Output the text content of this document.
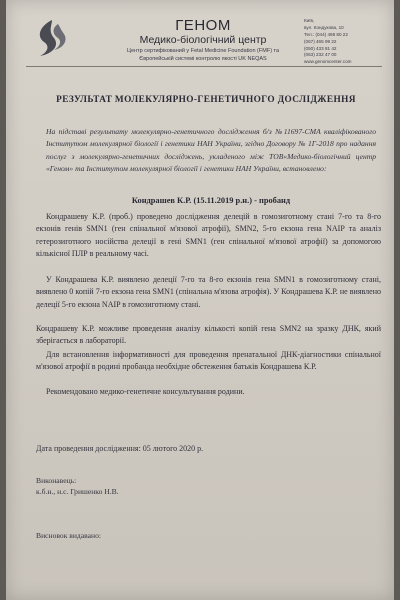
ГЕНОМ
Медико-біологічний центр
Центр сертифікований у Fetal Medicine Foundation (FMF) та
Європейській системі контролю якості UK NEQAS
Київ,
вул. Кондукова, 10
Тел.: (044) 498 80 22
(067) 465 99 22
(050) 433 81 42
(063) 232 47 00
www.genomcenter.com
РЕЗУЛЬТАТ МОЛЕКУЛЯРНО-ГЕНЕТИЧНОГО ДОСЛІДЖЕННЯ
На підставі результату молекулярно-генетичного дослідження б/з №11697-СМА кваліфікованого Інститутом молекулярної біології і генетики НАН України, згідно Договору № 1Г-2018 про надання послуг з молекулярно-генетичних досліджень, укладеного між ТОВ«Медико-біологічний центр «Геном» та Інститутом молекулярної біології і генетики НАН України, встановлено:
Кондрашев К.Р. (15.11.2019 р.н.) - пробанд
Кондрашеву К.Р. (проб.) проведено дослідження делецій в гомозиготному стані 7-го та 8-го екзонів генів SMN1 (ген спінальної м'язової атрофії), SMN2, 5-го екзона гена NAIP та аналіз гетерозиготного носійства делеції в гені SMN1 (ген спінальної м'язової атрофії) за допомогою кількісної ПЛР в реальному часі.
У Кондрашева К.Р. виявлено делеції 7-го та 8-го екзонів гена SMN1 в гомозиготному стані, виявлено 0 копій 7-го екзона гена SMN1 (спінальна м'язова атрофія). У Кондрашева К.Р. не виявлено делеції 5-го екзона NAIP в гомозиготному стані.
Кондрашеву К.Р. можливе проведення аналізу кількості копій гена SMN2 на зразку ДНК, який зберігається в лабораторії.
Для встановлення інформативності для проведення пренатальної ДНК-діагностики спінальної м'язової атрофії в родині пробанда необхідне обстеження батьків Кондрашева К.Р.
Рекомендовано медико-генетичне консультування родини.
Дата проведення дослідження: 05 лютого 2020 р.
Виконавець:
к.б.н., н.с. Гришенко Н.В.
Висновок видавано:
